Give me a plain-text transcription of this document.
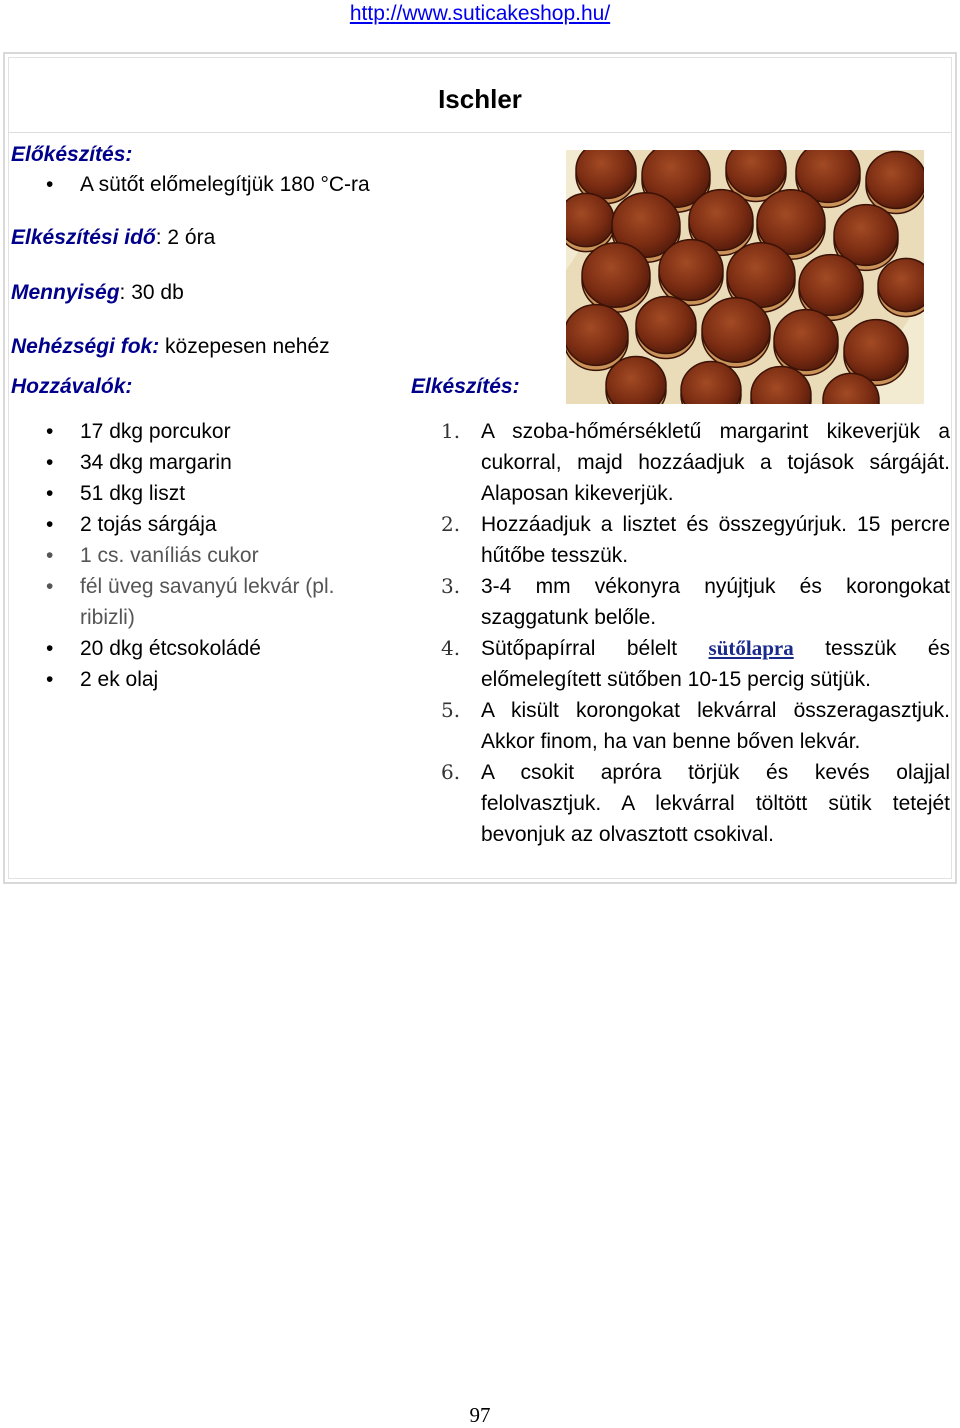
http://www.suticakeshop.hu/
Ischler
Előkészítés:
• A sütőt előmelegítjük 180 °C-ra
Elkészítési idő: 2 óra
Mennyiség: 30 db
Nehézségi fok: közepesen nehéz
Hozzávalók:
• 17 dkg porcukor
• 34 dkg margarin
• 51 dkg liszt
• 2 tojás sárgája
• 1 cs. vaníliás cukor
• fél üveg savanyú lekvár (pl. ribizli)
• 20 dkg étcsokoládé
• 2 ek olaj
Elkészítés:
1. A szoba-hőmérsékletű margarint kikeverjük a cukorral, majd hozzáadjuk a tojások sárgáját. Alaposan kikeverjük.
2. Hozzáadjuk a lisztet és összegyúrjuk. 15 percre hűtőbe tesszük.
3. 3-4 mm vékonyra nyújtjuk és korongokat szaggatunk belőle.
4. Sütőpapírral bélelt sütőlapra tesszük és előmelegített sütőben 10-15 percig sütjük.
5. A kisült korongokat lekvárral összeragasztjuk. Akkor finom, ha van benne bőven lekvár.
6. A csokit apróra törjük és kevés olajjal felolvasztjuk. A lekvárral töltött sütik tetejét bevonjuk az olvasztott csokival.
97
